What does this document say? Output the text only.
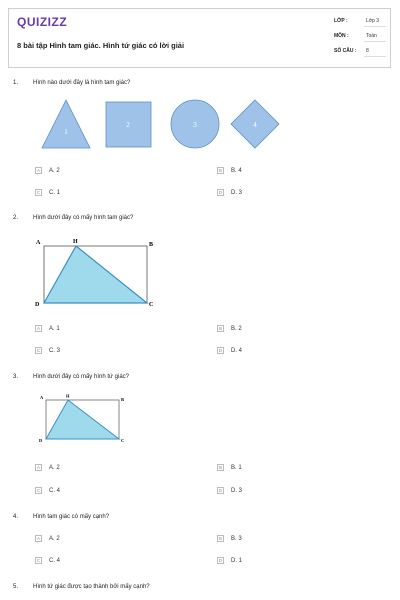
QUIZIZZ
8 bài tập Hình tam giác. Hình tứ giác có lời giải
LỚP :	Lớp 3
MÔN :	Toán
SỐ CÂU : 8
1. Hình nào dưới đây là hình tam giác?
1
2	3	4
A	A. 2	B	B. 4
C	C. 1	D	D. 3
2. Hình dưới đây có mấy hình tam giác?
A	H	B
D	C
A	A. 1	B	B. 2
C	C. 3	D	D. 4
3. Hình dưới đây có mấy hình tứ giác?
A	H
B
D	C
A	A. 2	B	B. 1
C	C. 4	D	D. 3
4. Hình tam giác có mấy cạnh?
A	A. 2	B	B. 3
C	C. 4	D	D. 1
5. Hình tứ giác được tạo thành bởi mấy cạnh?
